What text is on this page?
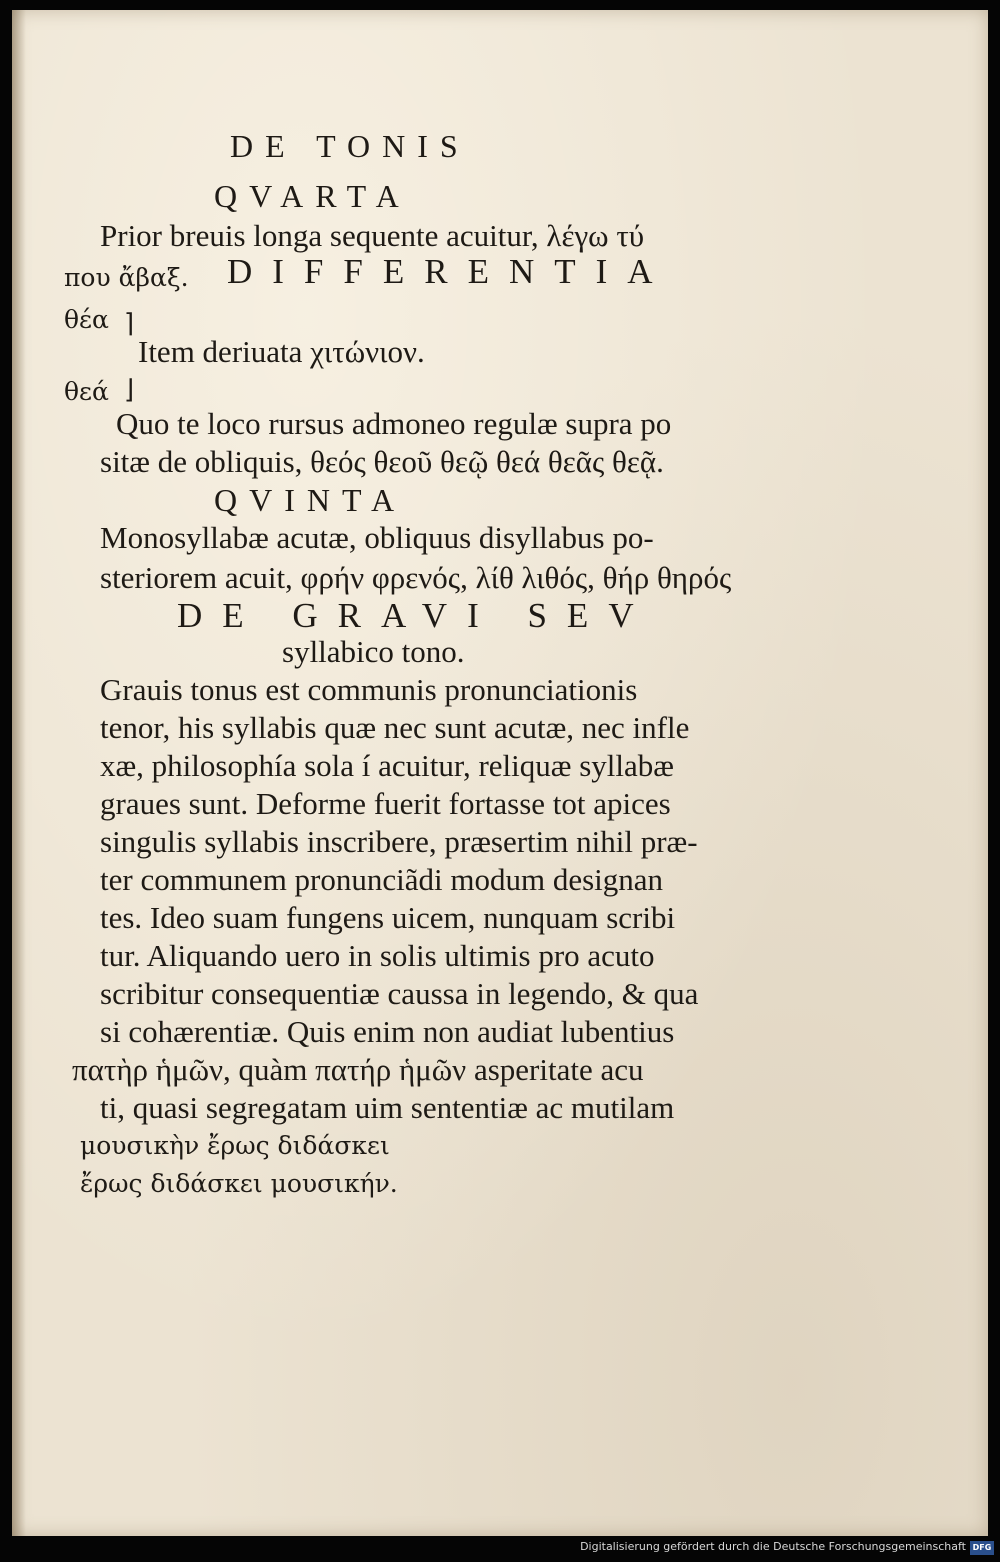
DE TONIS
QVARTA
Prior breuis longa sequente acuitur, λέγω τύ
που ἄβαξ. DIFFERENTIA
θέα ⌉
Item deriuata χιτώνιον.
θεά ⌋
Quo te loco rursus admoneo regulæ supra po
sitæ de obliquis, θεός θεοῦ θεῷ θεά θεᾶς θεᾷ.
QVINTA
Monosyllabæ acutæ, obliquus disyllabus po-
steriorem acuit, φρήν φρενός, λίθ λιθός, θήρ θηρός
DE GRAVI SEV
syllabico tono.
Grauis tonus est communis pronunciationis
tenor, his syllabis quæ nec sunt acutæ, nec infle
xæ, philosophía sola í acuitur, reliquæ syllabæ
graues sunt. Deforme fuerit fortasse tot apices
singulis syllabis inscribere, præsertim nihil præ-
ter communem pronunciãdi modum designan
tes. Ideo suam fungens uicem, nunquam scribi
tur. Aliquando uero in solis ultimis pro acuto
scribitur consequentiæ caussa in legendo, & qua
si cohærentiæ. Quis enim non audiat lubentius
πατὴρ ἡμῶν, quàm πατήρ ἡμῶν asperitate acu
ti, quasi segregatam uim sententiæ ac mutilam
μουσικὴν ἔρως διδάσκει
ἔρως διδάσκει μουσικήν.
Digitalisierung gefördert durch die Deutsche Forschungsgemeinschaft DFG
